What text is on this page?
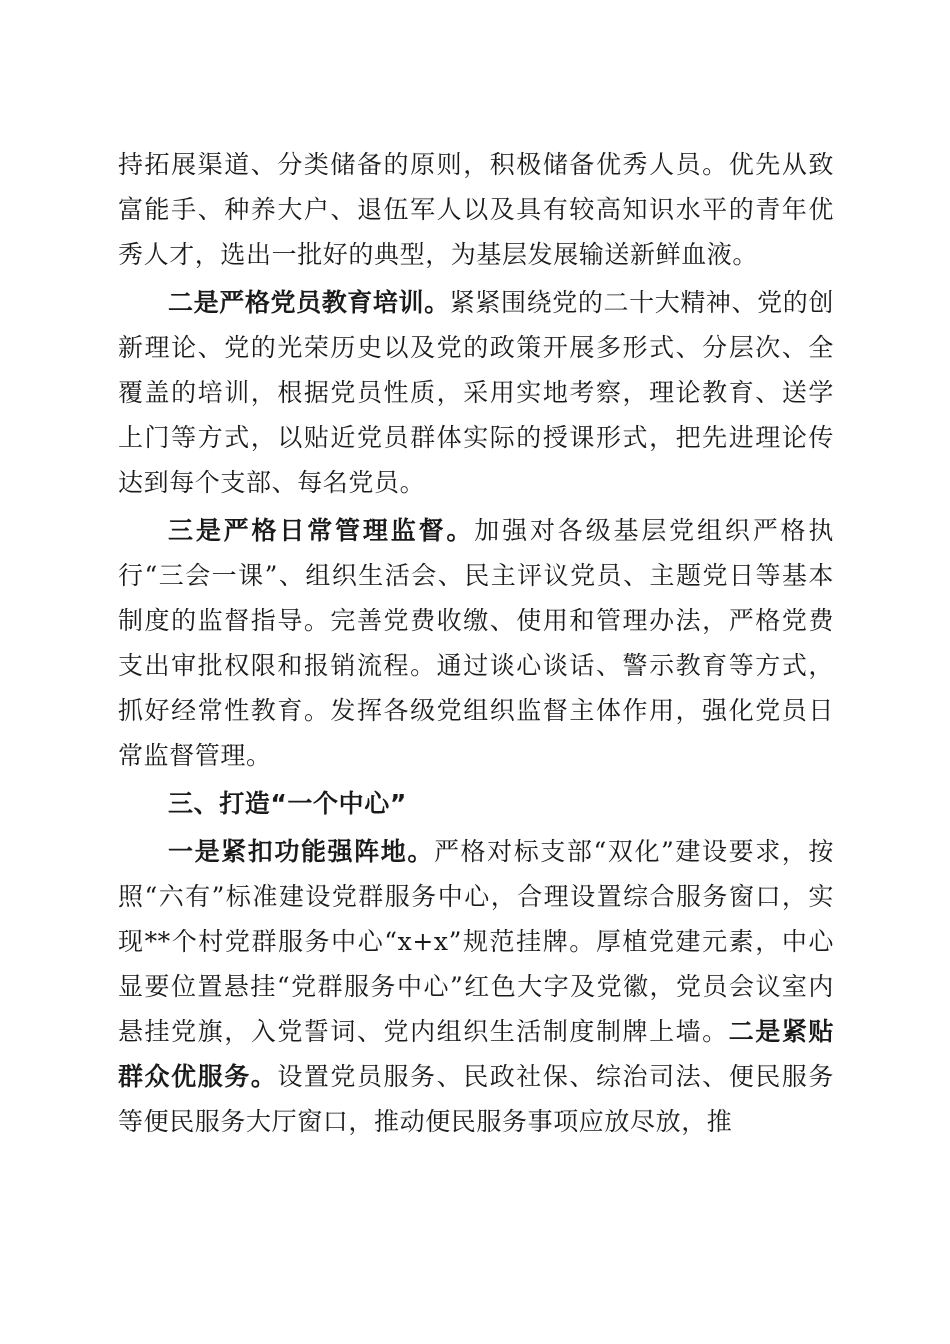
持拓展渠道、分类储备的原则，积极储备优秀人员。优先从致富能手、种养大户、退伍军人以及具有较高知识水平的青年优秀人才，选出一批好的典型，为基层发展输送新鲜血液。

二是严格党员教育培训。紧紧围绕党的二十大精神、党的创新理论、党的光荣历史以及党的政策开展多形式、分层次、全覆盖的培训，根据党员性质，采用实地考察，理论教育、送学上门等方式，以贴近党员群体实际的授课形式，把先进理论传达到每个支部、每名党员。

三是严格日常管理监督。加强对各级基层党组织严格执行“三会一课”、组织生活会、民主评议党员、主题党日等基本制度的监督指导。完善党费收缴、使用和管理办法，严格党费支出审批权限和报销流程。通过谈心谈话、警示教育等方式，抓好经常性教育。发挥各级党组织监督主体作用，强化党员日常监督管理。

三、打造“一个中心”

一是紧扣功能强阵地。严格对标支部“双化”建设要求，按照“六有”标准建设党群服务中心，合理设置综合服务窗口，实现**个村党群服务中心“x+x”规范挂牌。厚植党建元素，中心显要位置悬挂“党群服务中心”红色大字及党徽，党员会议室内悬挂党旗，入党誓词、党内组织生活制度制牌上墙。二是紧贴群众优服务。设置党员服务、民政社保、综治司法、便民服务等便民服务大厅窗口，推动便民服务事项应放尽放，推
